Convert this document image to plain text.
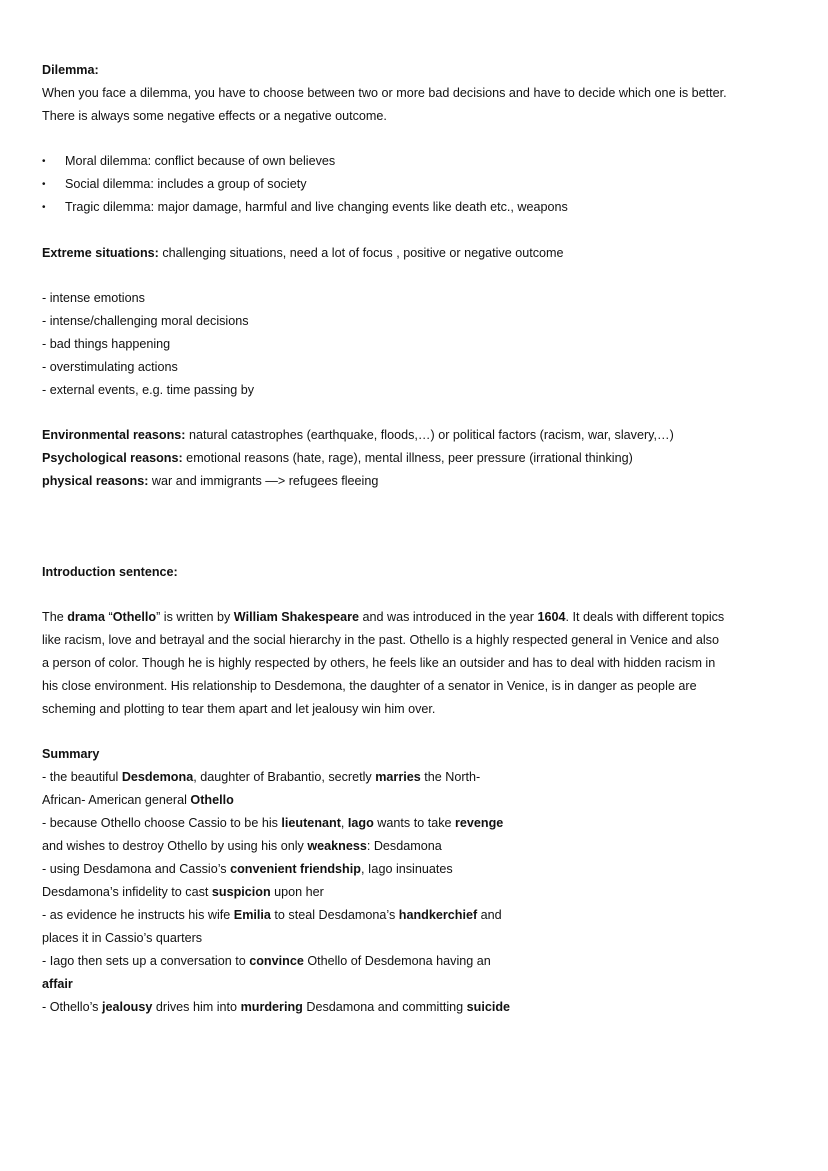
Dilemma:
When you face a dilemma, you have to choose between two or more bad decisions and have to decide which one is better.
There is always some negative effects or a negative outcome.
• Moral dilemma: conflict because of own believes
• Social dilemma: includes a group of society
• Tragic dilemma: major damage, harmful and live changing events like death etc., weapons
Extreme situations: challenging situations, need a lot of focus , positive or negative outcome
- intense emotions
- intense/challenging moral decisions
- bad things happening
- overstimulating actions
- external events, e.g. time passing by
Environmental reasons: natural catastrophes (earthquake, floods,…) or political factors (racism, war, slavery,…)
Psychological reasons: emotional reasons (hate, rage), mental illness, peer pressure (irrational thinking)
physical reasons: war and immigrants —> refugees fleeing
Introduction sentence:
The drama “Othello” is written by William Shakespeare and was introduced in the year 1604. It deals with different topics
like racism, love and betrayal and the social hierarchy in the past. Othello is a highly respected general in Venice and also
a person of color. Though he is highly respected by others, he feels like an outsider and has to deal with hidden racism in
his close environment. His relationship to Desdemona, the daughter of a senator in Venice, is in danger as people are
scheming and plotting to tear them apart and let jealousy win him over.
Summary
- the beautiful Desdemona, daughter of Brabantio, secretly marries the North-
African- American general Othello
- because Othello choose Cassio to be his lieutenant, Iago wants to take revenge
and wishes to destroy Othello by using his only weakness: Desdamona
- using Desdamona and Cassio’s convenient friendship, Iago insinuates
Desdamona’s infidelity to cast suspicion upon her
- as evidence he instructs his wife Emilia to steal Desdamona’s handkerchief and
places it in Cassio’s quarters
- Iago then sets up a conversation to convince Othello of Desdemona having an
affair
- Othello’s jealousy drives him into murdering Desdamona and committing suicide
